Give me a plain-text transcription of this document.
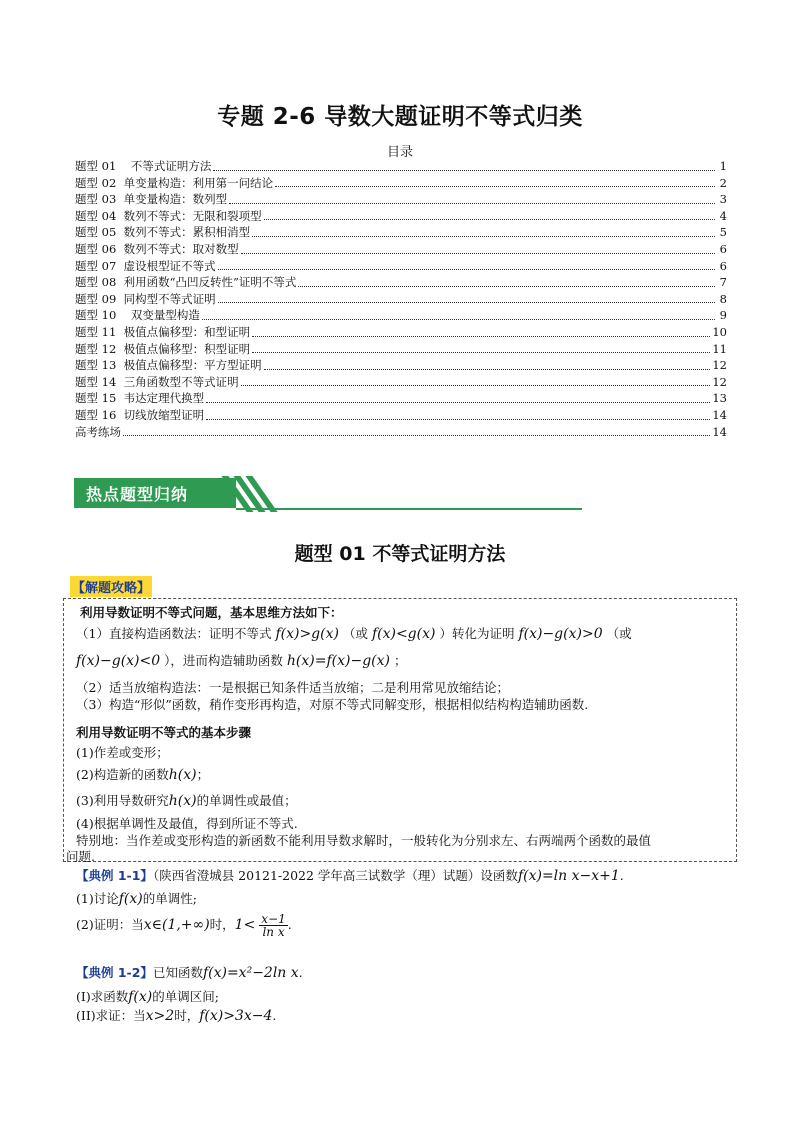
专题 2-6 导数大题证明不等式归类
目录
题型 01    不等式证明方法	1
题型 02  单变量构造：利用第一问结论	2
题型 03  单变量构造：数列型	3
题型 04  数列不等式：无限和裂项型	4
题型 05  数列不等式：累积相消型	5
题型 06  数列不等式：取对数型	6
题型 07  虚设根型证不等式	6
题型 08  利用函数“凸凹反转性”证明不等式	7
题型 09  同构型不等式证明	8
题型 10    双变量型构造	9
题型 11  极值点偏移型：和型证明	10
题型 12  极值点偏移型：积型证明	11
题型 13  极值点偏移型：平方型证明	12
题型 14  三角函数型不等式证明	12
题型 15  韦达定理代换型	13
题型 16  切线放缩型证明	14
高考练场	14
热点题型归纳
题型 01 不等式证明方法
【解题攻略】
利用导数证明不等式问题，基本思维方法如下：
（1）直接构造函数法：证明不等式 f(x)>g(x) （或 f(x)<g(x) ）转化为证明 f(x)−g(x)>0 （或
f(x)−g(x)<0 ），进而构造辅助函数 h(x)=f(x)−g(x) ；
（2）适当放缩构造法：一是根据已知条件适当放缩；二是利用常见放缩结论；
（3）构造“形似”函数，稍作变形再构造，对原不等式同解变形，根据相似结构构造辅助函数.
利用导数证明不等式的基本步骤
(1)作差或变形；
(2)构造新的函数h(x)；
(3)利用导数研究h(x)的单调性或最值；
(4)根据单调性及最值，得到所证不等式.
特别地：当作差或变形构造的新函数不能利用导数求解时，一般转化为分别求左、右两端两个函数的最值
问题.
【典例 1-1】（陕西省澄城县 20121-2022 学年高三试数学（理）试题）设函数f(x)=ln x−x+1.
(1)讨论f(x)的单调性;
(2)证明：当x∈(1,+∞)时，$1< \frac{x-1}{\text{ln x}}$ .
【典例 1-2】已知函数f(x)=x²−2ln x.
(I)求函数f(x)的单调区间;
(II)求证：当x>2时，f(x)>3x−4.
